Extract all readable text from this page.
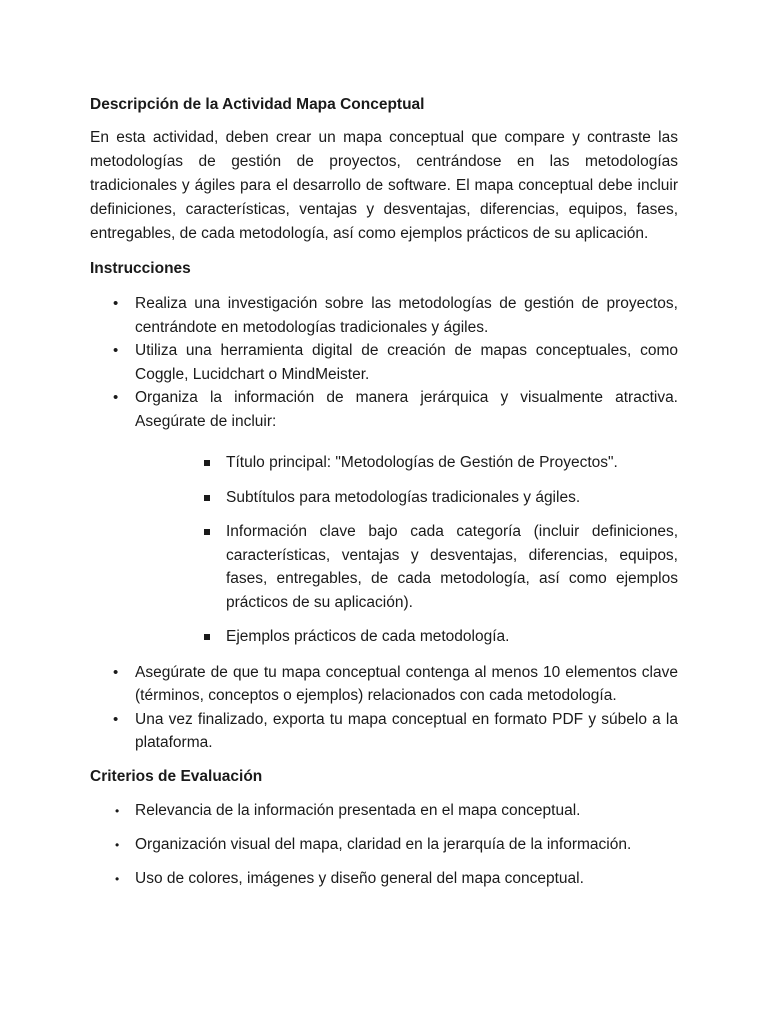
Descripción de la Actividad Mapa Conceptual

En esta actividad, deben crear un mapa conceptual que compare y contraste las metodologías de gestión de proyectos, centrándose en las metodologías tradicionales y ágiles para el desarrollo de software. El mapa conceptual debe incluir definiciones, características, ventajas y desventajas, diferencias, equipos, fases, entregables, de cada metodología, así como ejemplos prácticos de su aplicación.

Instrucciones

• Realiza una investigación sobre las metodologías de gestión de proyectos, centrándote en metodologías tradicionales y ágiles.
• Utiliza una herramienta digital de creación de mapas conceptuales, como Coggle, Lucidchart o MindMeister.
• Organiza la información de manera jerárquica y visualmente atractiva. Asegúrate de incluir:
Título principal: "Metodologías de Gestión de Proyectos".
Subtítulos para metodologías tradicionales y ágiles.
Información clave bajo cada categoría (incluir definiciones, características, ventajas y desventajas, diferencias, equipos, fases, entregables, de cada metodología, así como ejemplos prácticos de su aplicación).
Ejemplos prácticos de cada metodología.
• Asegúrate de que tu mapa conceptual contenga al menos 10 elementos clave (términos, conceptos o ejemplos) relacionados con cada metodología.
• Una vez finalizado, exporta tu mapa conceptual en formato PDF y súbelo a la plataforma.

Criterios de Evaluación

• Relevancia de la información presentada en el mapa conceptual.
• Organización visual del mapa, claridad en la jerarquía de la información.
• Uso de colores, imágenes y diseño general del mapa conceptual.
